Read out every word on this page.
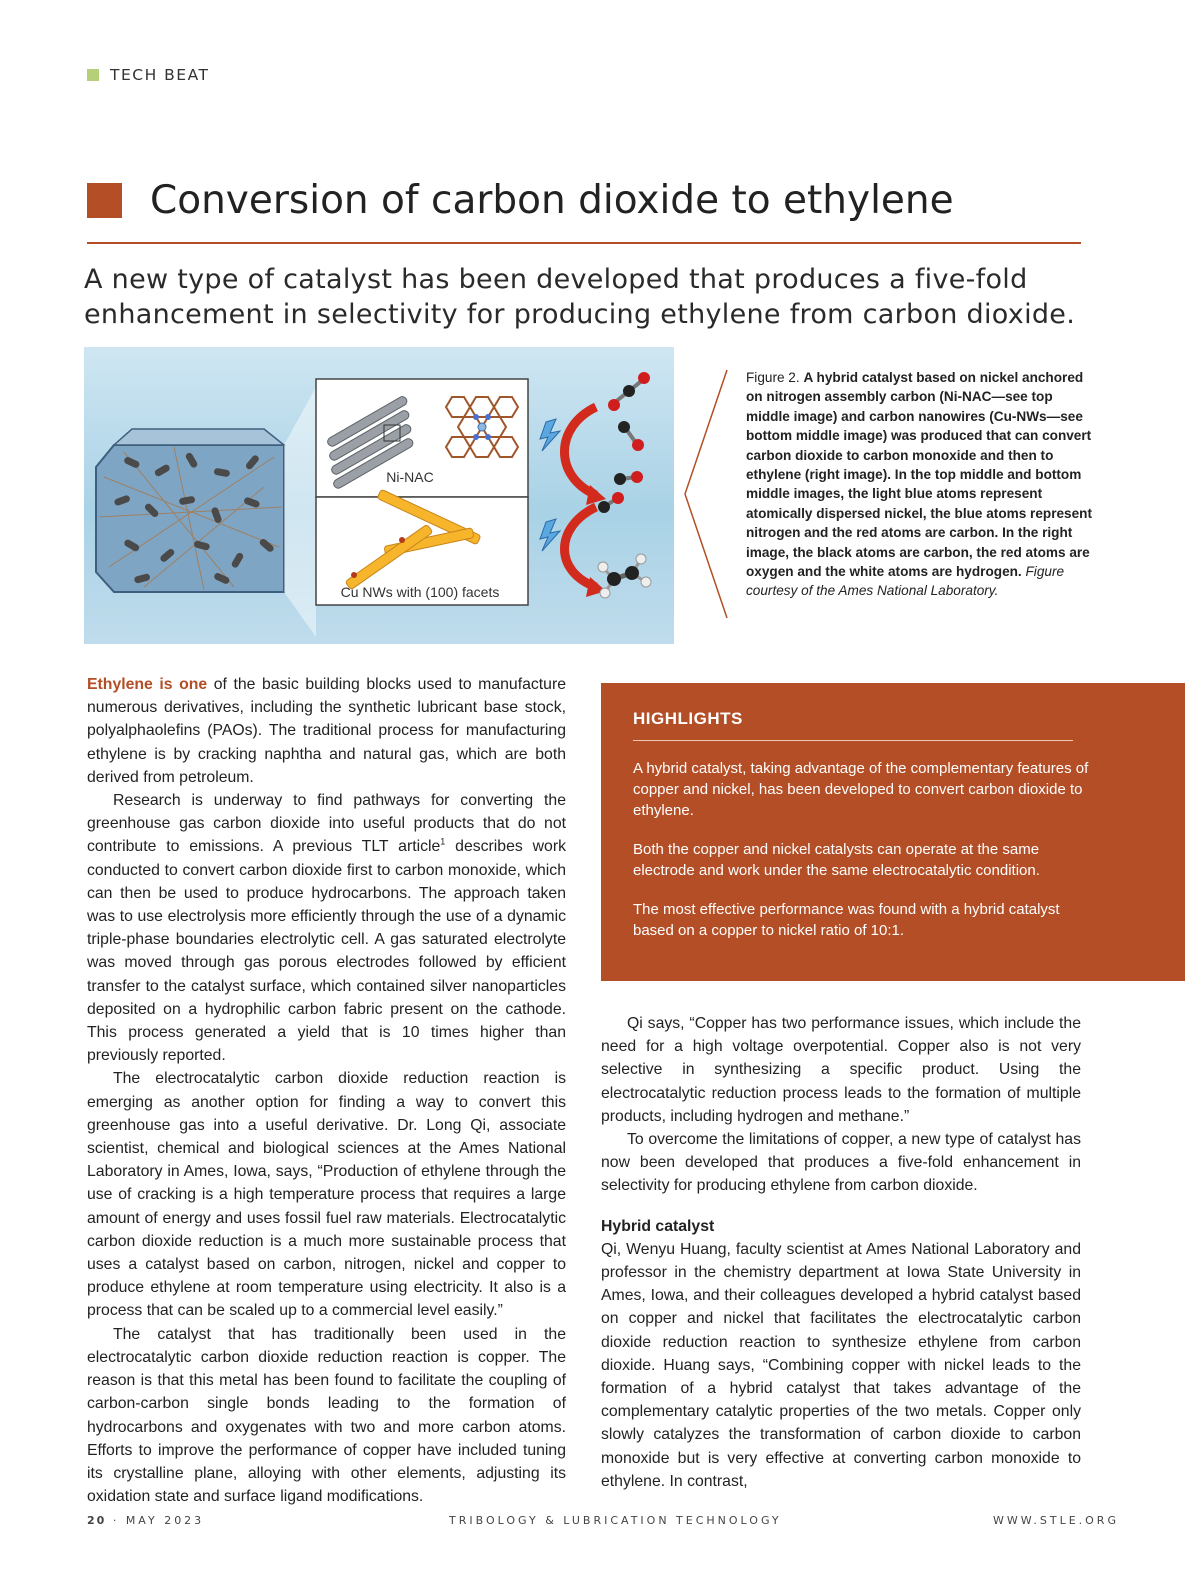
TECH BEAT
Conversion of carbon dioxide to ethylene
A new type of catalyst has been developed that produces a five-fold enhancement in selectivity for producing ethylene from carbon dioxide.
Ni-NAC
Cu NWs with (100) facets
Figure 2. A hybrid catalyst based on nickel anchored on nitrogen assembly carbon (Ni-NAC—see top middle image) and carbon nanowires (Cu-NWs—see bottom middle image) was produced that can convert carbon dioxide to carbon monoxide and then to ethylene (right image). In the top middle and bottom middle images, the light blue atoms represent atomically dispersed nickel, the blue atoms represent nitrogen and the red atoms are carbon. In the right image, the black atoms are carbon, the red atoms are oxygen and the white atoms are hydrogen. Figure courtesy of the Ames National Laboratory.
HIGHLIGHTS
A hybrid catalyst, taking advantage of the complementary features of copper and nickel, has been developed to convert carbon dioxide to ethylene.
Both the copper and nickel catalysts can operate at the same electrode and work under the same electrocatalytic condition.
The most effective performance was found with a hybrid catalyst based on a copper to nickel ratio of 10:1.

Ethylene is one of the basic building blocks used to manufacture numerous derivatives, including the synthetic lubricant base stock, polyalphaolefins (PAOs). The traditional process for manufacturing ethylene is by cracking naphtha and natural gas, which are both derived from petroleum.

Research is underway to find pathways for converting the greenhouse gas carbon dioxide into useful products that do not contribute to emissions. A previous TLT article$^1$ describes work conducted to convert carbon dioxide first to carbon monoxide, which can then be used to produce hydrocarbons. The approach taken was to use electrolysis more efficiently through the use of a dynamic triple-phase boundaries electrolytic cell. A gas saturated electrolyte was moved through gas porous electrodes followed by efficient transfer to the catalyst surface, which contained silver nanoparticles deposited on a hydrophilic carbon fabric present on the cathode. This process generated a yield that is 10 times higher than previously reported.

The electrocatalytic carbon dioxide reduction reaction is emerging as another option for finding a way to convert this greenhouse gas into a useful derivative. Dr. Long Qi, associate scientist, chemical and biological sciences at the Ames National Laboratory in Ames, Iowa, says, “Production of ethylene through the use of cracking is a high temperature process that requires a large amount of energy and uses fossil fuel raw materials. Electrocatalytic carbon dioxide reduction is a much more sustainable process that uses a catalyst based on carbon, nitrogen, nickel and copper to produce ethylene at room temperature using electricity. It also is a process that can be scaled up to a commercial level easily.”

The catalyst that has traditionally been used in the electrocatalytic carbon dioxide reduction reaction is copper. The reason is that this metal has been found to facilitate the coupling of carbon-carbon single bonds leading to the formation of hydrocarbons and oxygenates with two and more carbon atoms. Efforts to improve the performance of copper have included tuning its crystalline plane, alloying with other elements, adjusting its oxidation state and surface ligand modifications.

Qi says, “Copper has two performance issues, which include the need for a high voltage overpotential. Copper also is not very selective in synthesizing a specific product. Using the electrocatalytic reduction process leads to the formation of multiple products, including hydrogen and methane.”

To overcome the limitations of copper, a new type of catalyst has now been developed that produces a five-fold enhancement in selectivity for producing ethylene from carbon dioxide.

Hybrid catalyst

Qi, Wenyu Huang, faculty scientist at Ames National Laboratory and professor in the chemistry department at Iowa State University in Ames, Iowa, and their colleagues developed a hybrid catalyst based on copper and nickel that facilitates the electrocatalytic carbon dioxide reduction reaction to synthesize ethylene from carbon dioxide. Huang says, “Combining copper with nickel leads to the formation of a hybrid catalyst that takes advantage of the complementary catalytic properties of the two metals. Copper only slowly catalyzes the transformation of carbon dioxide to carbon monoxide but is very effective at converting carbon monoxide to ethylene. In contrast,

20 · MAY 2023	TRIBOLOGY & LUBRICATION TECHNOLOGY	WWW.STLE.ORG
